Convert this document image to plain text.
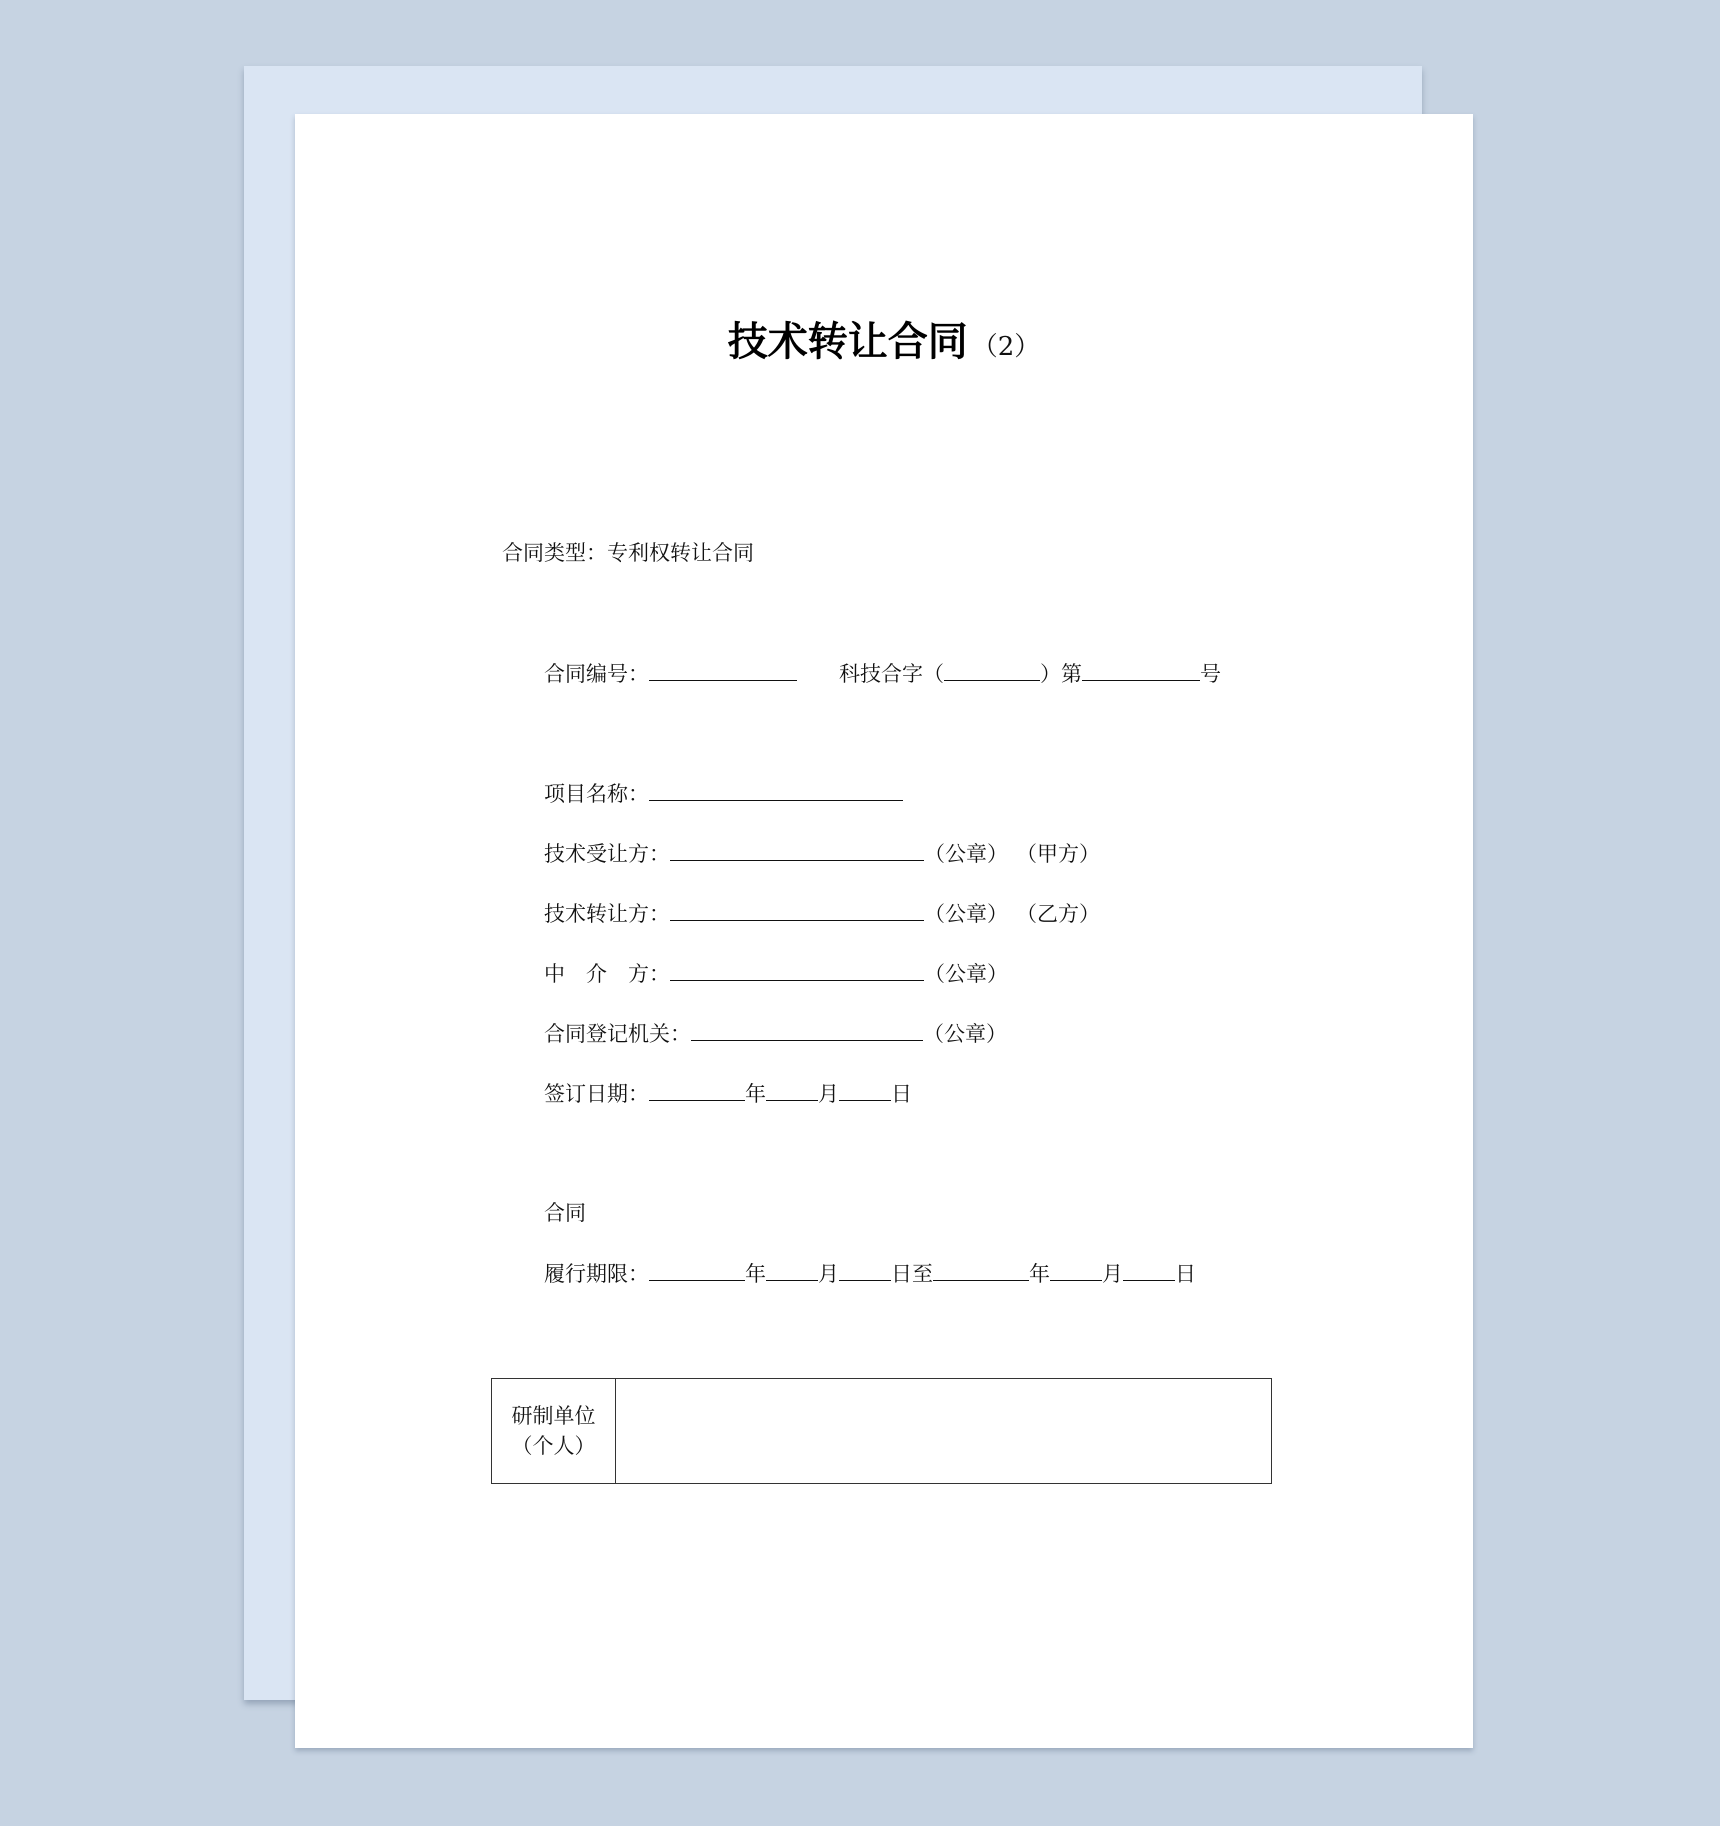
技术转让合同 （2）
合同类型：专利权转让合同
合同编号：	科技合字（	）第	号
项目名称：
技术受让方：	（公章） （甲方）
技术转让方：	（公章） （乙方）
中　介　方：	（公章）
合同登记机关：	（公章）
签订日期：	年 月 日
合同
履行期限：	年 月 日至	年 月 日
研制单位
（个人）
